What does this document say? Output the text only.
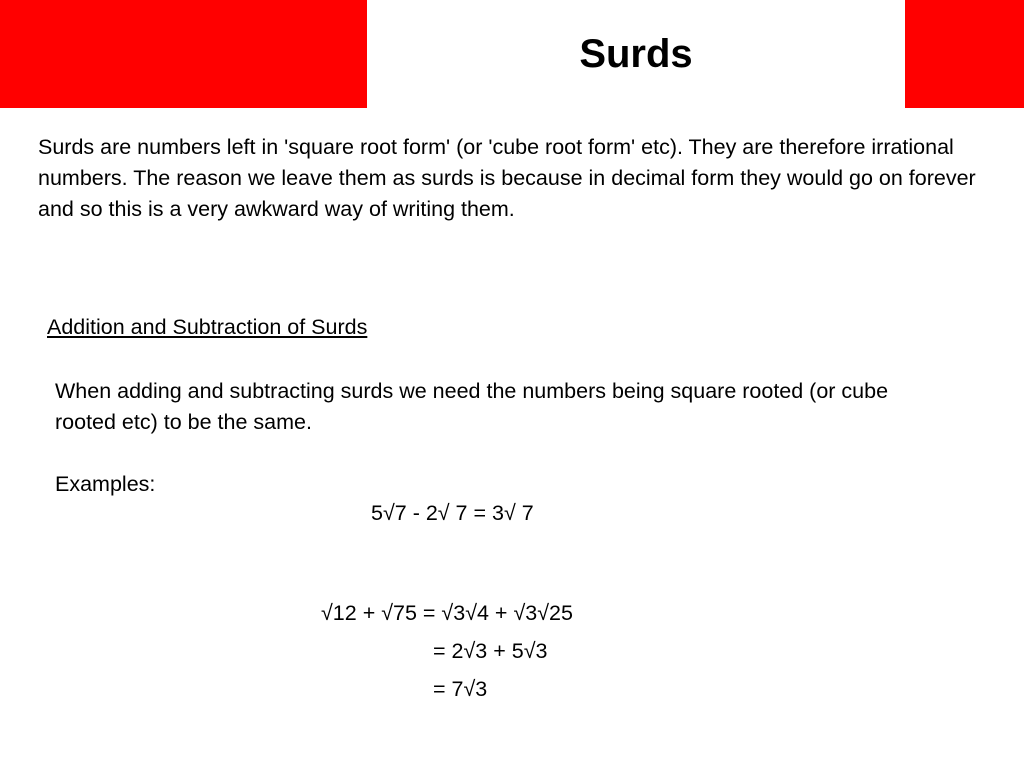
Surds

Surds are numbers left in 'square root form' (or 'cube root form' etc). They are therefore irrational numbers. The reason we leave them as surds is because in decimal form they would go on forever and so this is a very awkward way of writing them.

Addition and Subtraction of Surds

When adding and subtracting surds we need the numbers being square rooted (or cube rooted etc) to be the same.

Examples:

5√7 - 2√ 7 = 3√ 7

√12 + √75 = √3√4 + √3√25

= 2√3 + 5√3

= 7√3
